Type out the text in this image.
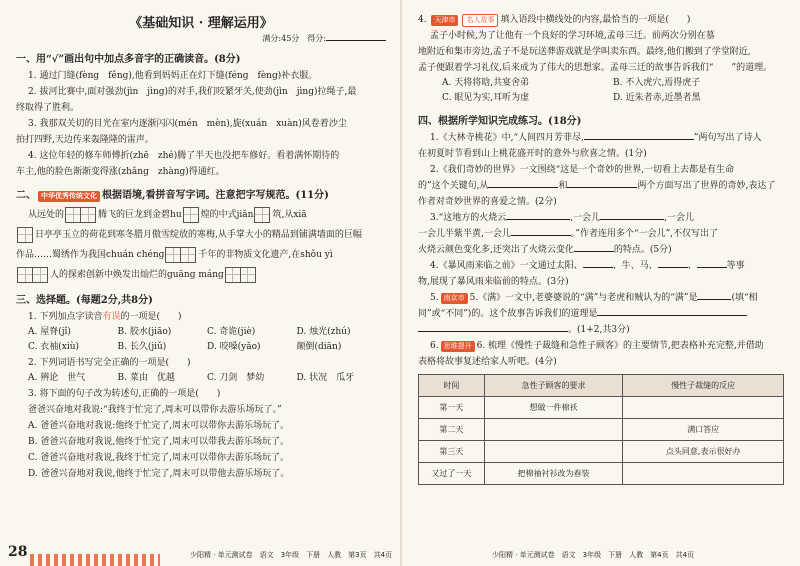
《基础知识 · 理解运用》
满分:45分　得分:
一、用“√”画出句中加点多音字的正确读音。(8分)

1. 通过门缝(fèng　fěng),他看到妈妈正在灯下缝(féng　fèng)补衣服。

2. 拔河比赛中,面对强劲(jìn　jìng)的对手,我们咬紧牙关,使劲(jìn　jìng)拉绳子,最

终取得了胜利。

3. 我那双关切的目光在室内逐渐闪闪(mén　mèn),旋(xuán　xuàn)风卷着沙尘

拍打四野,天边传来轰隆隆的雷声。

4. 这位年轻的修车师傅折(zhē　zhé)腾了半天也没把车修好。看着满怀期待的

车主,他的脸色渐渐变得涨(zhǎng　zhàng)得通红。

二、 中华优秀传统文化 根据语境,看拼音写字词。注意把字写规范。(11分)

从远处的	腾飞的巨龙到金碧hu 煌的中式jiǎn 筑,从xiā

日亭亭玉立的荷花到寒冬腊月傲雪绽放的寒梅,从手掌大小的精品到铺满墙面的巨幅

作品……蜀绣作为我国chuán chéng	千年的非物质文化遗产,在shǒu yì

人的探索创新中焕发出灿烂的guāng máng

三、选择题。(每题2分,共8分)

1. 下列加点字读音有误的一项是(　　)

A. 屋脊(jǐ)	B. 胶水(jiāo)	C. 奇诡(jiè)	D. 烛光(zhú)
C. 衣袖(xiù)	B. 长久(jiǔ)	D. 咬嗓(yǎo)	颠倒(diān)

2. 下列词语书写完全正确的一项是(　　)

A. 辨论　世气	B. 菜由　优越	C. 刀剑　梦幼	D. 状况　瓜牙

3. 将下面的句子改为转述句,正确的一项是(　　)

爸爸兴奋地对我说:“我终于忙完了,周末可以带你去游乐场玩了。”

A. 爸爸兴奋地对我说:他终于忙完了,周末可以带你去游乐场玩了。

B. 爸爸兴奋地对我说,他终于忙完了,周末可以带我去游乐场玩了。

C. 爸爸兴奋地对我说,我终于忙完了,周末可以带你去游乐场玩了。

D. 爸爸兴奋地对我说,他终于忙完了,周末可以带他去游乐场玩了。

28	少阳精 · 单元测试卷　语文　3年级　下册　人教　第3页　共4页

4. 天津市 名人故事 填入语段中横线处的内容,最恰当的一项是(　　)

孟子小时候,为了让他有一个良好的学习环境,孟母三迁。前两次分别在墓

地附近和集市旁边,孟子不是玩送葬游戏就是学叫卖东西。最终,他们搬到了学堂附近,

孟子便跟着学习礼仪,后来成为了伟大的思想家。孟母三迁的故事告诉我们“　　”的道理。

A. 天将将晗,共宴舍弟	B. 不入虎穴,焉得虎子
C. 眼见为实,耳听为虚	D. 近朱者赤,近墨者黑
四、根据所学知识完成练习。(18分)

1.《大林寺桃花》中,“人间四月芳菲尽,	”两句写出了诗人

在初夏时节看到山上桃花盛开时的意外与欣喜之情。(1分)

2.《我们奇妙的世界》一文围绕“这是一个奇妙的世界,一切看上去都是有生命

的”这个关键句,从	和	两个方面写出了世界的奇妙,表达了

作者对奇妙世界的喜爱之情。(2分)

3.“这地方的火烧云	,一会儿	,一会儿

一会儿半紫半黄,一会儿	。”作者连用多个“一会儿”,不仅写出了

火烧云颜色变化多,还突出了火烧云变化	的特点。(5分)

4.《暴风雨来临之前》一文通过太阳、	、牛、马、	、	等事

物,展现了暴风雨来临前的特点。(3分)

5. 南京市 5.《满》一文中,老婆婆说的“满”与老虎和贼认为的“满”是	(填“相

同”或“不同”)的。这个故事告诉我们的道理是

。(1+2,共3分)

6. 思维提升 6. 梳理《慢性子裁缝和急性子顾客》的主要情节,把表格补充完整,并借助

表格将故事复述给家人听吧。(4分)

时间	急性子顾客的要求	慢性子裁缝的反应
第一天	想做一件棉袄	
第二天		满口答应
第三天		点头同意,表示很好办
又过了一天	把棉袖衬衫改为春装	
少阳精 · 单元测试卷　语文　3年级　下册　人教　第4页　共4页
